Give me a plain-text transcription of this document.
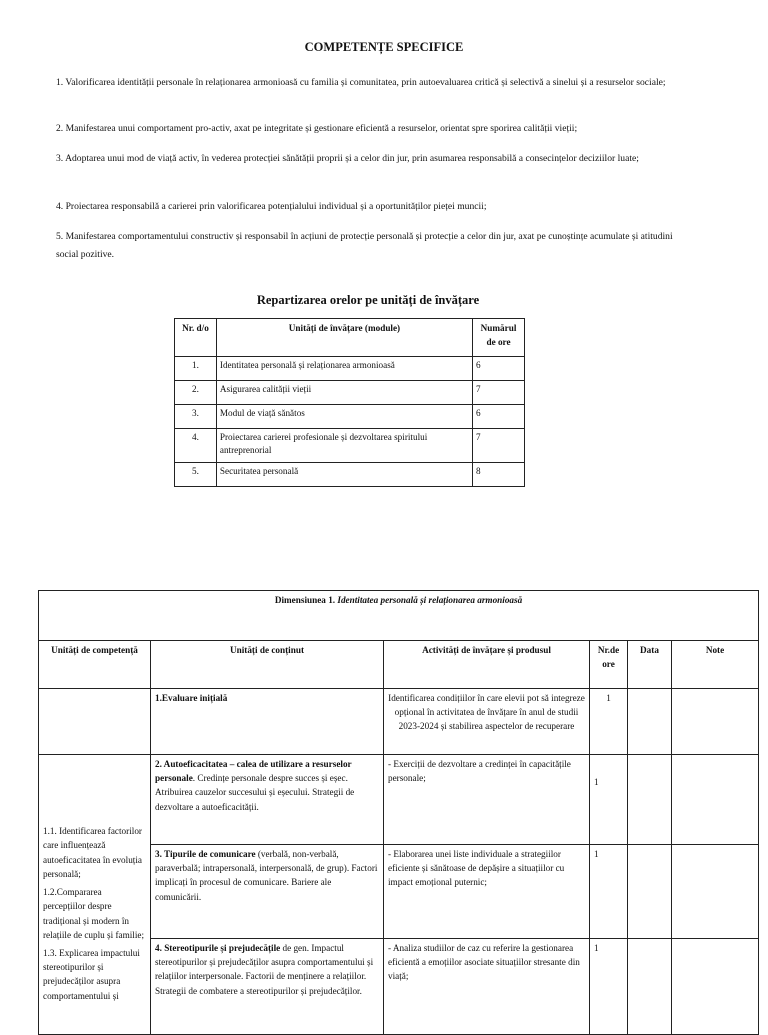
COMPETENȚE SPECIFICE
1. Valorificarea identității personale în relaționarea armonioasă cu familia și comunitatea, prin autoevaluarea critică și selectivă a sinelui și a resurselor sociale;
2. Manifestarea unui comportament pro-activ, axat pe integritate și gestionare eficientă a resurselor, orientat spre sporirea calității vieții;
3. Adoptarea unui mod de viață activ, în vederea protecției sănătății proprii și a celor din jur, prin asumarea responsabilă a consecințelor deciziilor luate;
4. Proiectarea responsabilă a carierei prin valorificarea potențialului individual și a oportunităților pieței muncii;
5. Manifestarea comportamentului constructiv și responsabil în acțiuni de protecție personală și protecție a celor din jur, axat pe cunoștințe acumulate și atitudini social pozitive.
Repartizarea orelor pe unități de învățare
Nr. d/o	Unități de învățare (module)	Numărul de ore
1.	Identitatea personală și relaționarea armonioasă	6
2.	Asigurarea calității vieții	7
3.	Modul de viață sănătos	6
4.	Proiectarea carierei profesionale și dezvoltarea spiritului antreprenorial	7
5.	Securitatea personală	8
Dimensiunea 1. Identitatea personală și relaționarea armonioasă					
Unități de competență	Unități de conținut	Activități de învățare și produsul	Nr.de ore	Data	Note
	1.Evaluare inițială	Identificarea condițiilor în care elevii pot să integreze opțional în activitatea de învățare în anul de studii 2023-2024 și stabilirea aspectelor de recuperare	1		

1.1. Identificarea factorilor care influențează autoeficacitatea în evoluția personală;
1.2.Compararea percepțiilor despre tradițional și modern în relațiile de cuplu și familie;
1.3. Explicarea impactului stereotipurilor și prejudecăților asupra comportamentului și	2. Autoeficacitatea – calea de utilizare a resurselor personale. Credințe personale despre succes și eșec. Atribuirea cauzelor succesului și eșecului. Strategii de dezvoltare a autoeficacității.	- Exerciții de dezvoltare a credinței în capacitățile personale;	1		
	3. Tipurile de comunicare (verbală, non-verbală, paraverbală; intrapersonală, interpersonală, de grup). Factori implicați în procesul de comunicare. Bariere ale comunicării.	- Elaborarea unei liste individuale a strategiilor eficiente și sănătoase de depășire a situațiilor cu impact emoțional puternic;	1		
	4. Stereotipurile și prejudecățile de gen. Impactul stereotipurilor și prejudecăților asupra comportamentului și relațiilor interpersonale. Factorii de menținere a relațiilor. Strategii de combatere a stereotipurilor și prejudecăților.	- Analiza studiilor de caz cu referire la gestionarea eficientă a emoțiilor asociate situațiilor stresante din viață;	1		
